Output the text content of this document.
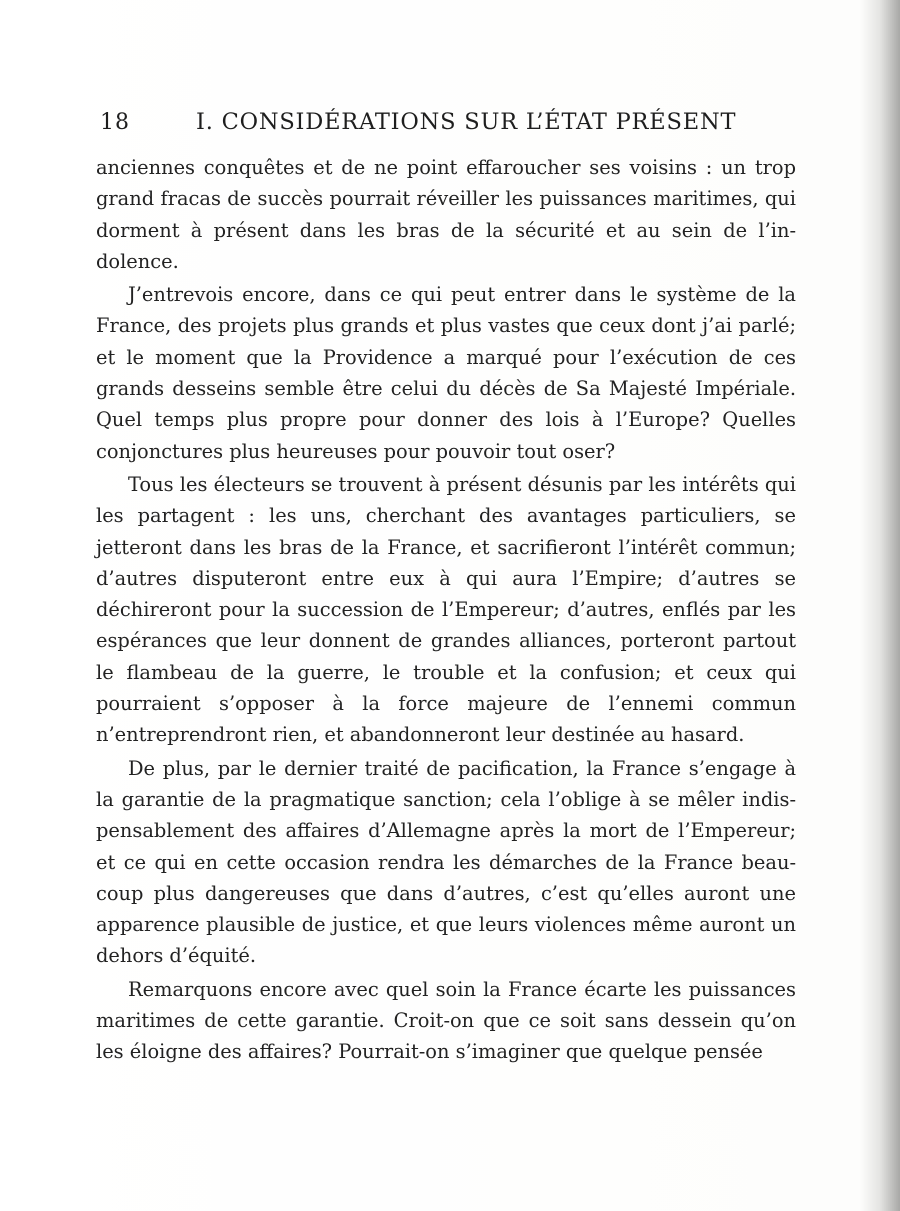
18	I. CONSIDÉRATIONS SUR L’ÉTAT PRÉSENT

anciennes conquêtes et de ne point effaroucher ses voisins : un trop grand fracas de succès pourrait réveiller les puissances maritimes, qui dorment à présent dans les bras de la sécurité et au sein de l’indolence.

J’entrevois encore, dans ce qui peut entrer dans le système de la France, des projets plus grands et plus vastes que ceux dont j’ai parlé; et le moment que la Providence a marqué pour l’exécution de ces grands desseins semble être celui du décès de Sa Majesté Impériale. Quel temps plus propre pour donner des lois à l’Europe? Quelles conjonctures plus heureuses pour pouvoir tout oser?

Tous les électeurs se trouvent à présent désunis par les intérêts qui les partagent : les uns, cherchant des avantages particuliers, se jetteront dans les bras de la France, et sacrifieront l’intérêt commun; d’autres disputeront entre eux à qui aura l’Empire; d’autres se déchireront pour la succession de l’Empereur; d’autres, enflés par les espérances que leur donnent de grandes alliances, porteront partout le flambeau de la guerre, le trouble et la confusion; et ceux qui pourraient s’opposer à la force majeure de l’ennemi commun n’entreprendront rien, et abandonneront leur destinée au hasard.

De plus, par le dernier traité de pacification, la France s’engage à la garantie de la pragmatique sanction; cela l’oblige à se mêler indispensablement des affaires d’Allemagne après la mort de l’Empereur; et ce qui en cette occasion rendra les démarches de la France beaucoup plus dangereuses que dans d’autres, c’est qu’elles auront une apparence plausible de justice, et que leurs violences même auront un dehors d’équité.

Remarquons encore avec quel soin la France écarte les puissances maritimes de cette garantie. Croit-on que ce soit sans dessein qu’on les éloigne des affaires? Pourrait-on s’imaginer que quelque pensée
